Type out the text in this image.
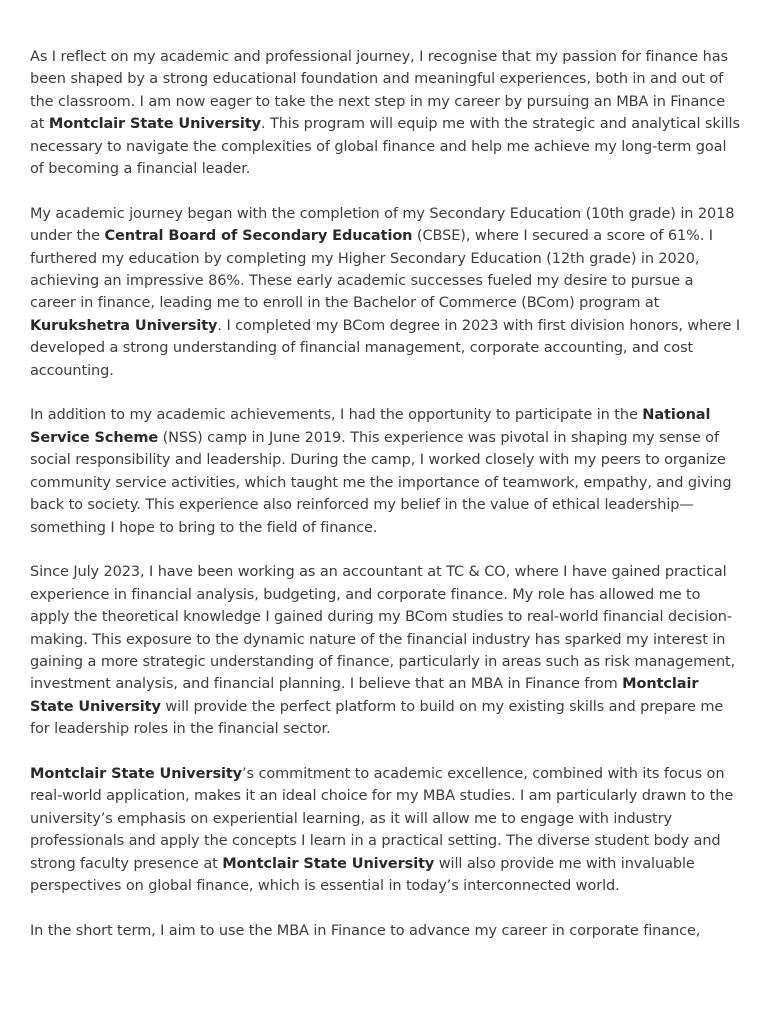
As I reflect on my academic and professional journey, I recognise that my passion for finance has been shaped by a strong educational foundation and meaningful experiences, both in and out of the classroom. I am now eager to take the next step in my career by pursuing an MBA in Finance at Montclair State University. This program will equip me with the strategic and analytical skills necessary to navigate the complexities of global finance and help me achieve my long-term goal of becoming a financial leader.

My academic journey began with the completion of my Secondary Education (10th grade) in 2018 under the Central Board of Secondary Education (CBSE), where I secured a score of 61%. I furthered my education by completing my Higher Secondary Education (12th grade) in 2020, achieving an impressive 86%. These early academic successes fueled my desire to pursue a career in finance, leading me to enroll in the Bachelor of Commerce (BCom) program at Kurukshetra University. I completed my BCom degree in 2023 with first division honors, where I developed a strong understanding of financial management, corporate accounting, and cost accounting.

In addition to my academic achievements, I had the opportunity to participate in the National Service Scheme (NSS) camp in June 2019. This experience was pivotal in shaping my sense of social responsibility and leadership. During the camp, I worked closely with my peers to organize community service activities, which taught me the importance of teamwork, empathy, and giving back to society. This experience also reinforced my belief in the value of ethical leadership—something I hope to bring to the field of finance.

Since July 2023, I have been working as an accountant at TC & CO, where I have gained practical experience in financial analysis, budgeting, and corporate finance. My role has allowed me to apply the theoretical knowledge I gained during my BCom studies to real-world financial decision-making. This exposure to the dynamic nature of the financial industry has sparked my interest in gaining a more strategic understanding of finance, particularly in areas such as risk management, investment analysis, and financial planning. I believe that an MBA in Finance from Montclair State University will provide the perfect platform to build on my existing skills and prepare me for leadership roles in the financial sector.

Montclair State University’s commitment to academic excellence, combined with its focus on real-world application, makes it an ideal choice for my MBA studies. I am particularly drawn to the university’s emphasis on experiential learning, as it will allow me to engage with industry professionals and apply the concepts I learn in a practical setting. The diverse student body and strong faculty presence at Montclair State University will also provide me with invaluable perspectives on global finance, which is essential in today’s interconnected world.

In the short term, I aim to use the MBA in Finance to advance my career in corporate finance,
